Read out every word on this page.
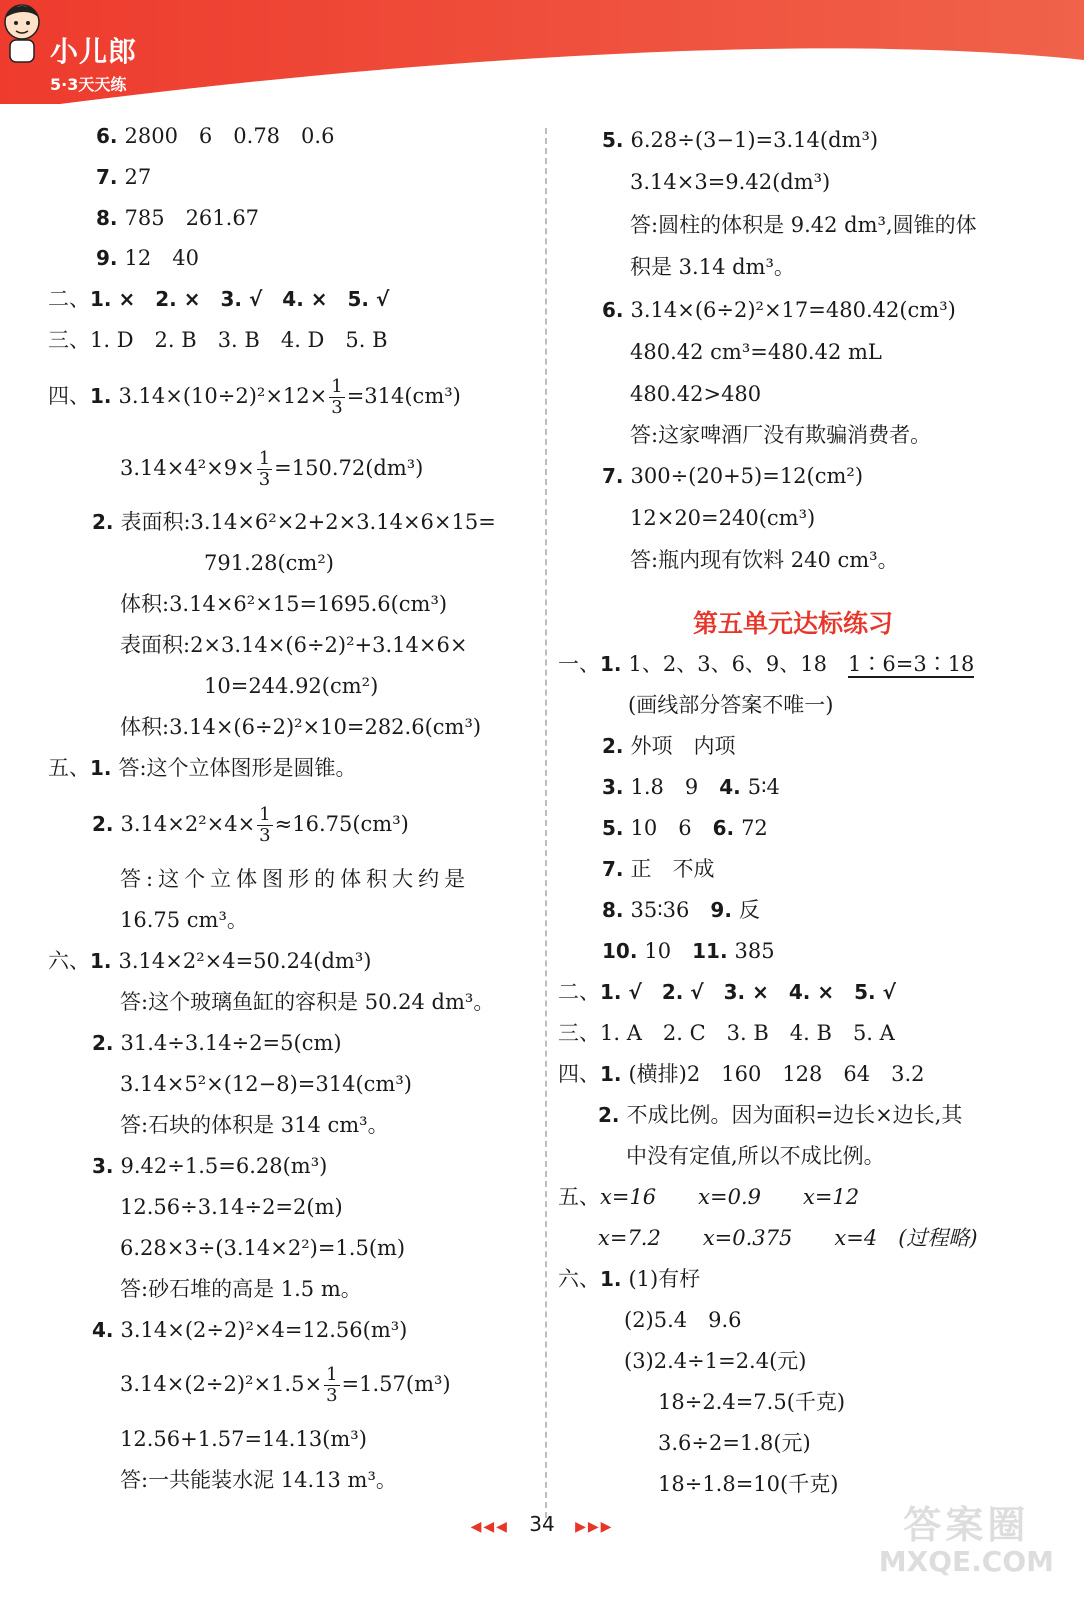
小儿郎
5·3天天练
6. 2800　6　0.78　0.6
7. 27
8. 785　261.67
9. 12　40
二、1. ×　2. ×　3. √　4. ×　5. √
三、1. D　2. B　3. B　4. D　5. B
四、1. $3.14\times(10\div 2)^2\times 12\times \frac{1}{3} =314(cm^3)$
$3.14\times 4^2\times 9\times \frac{1}{3} =150.72(dm^3)$
2. 表面积:3.14×6²×2+2×3.14×6×15=
791.28(cm²)
体积:3.14×6²×15=1695.6(cm³)
表面积:2×3.14×(6÷2)²+3.14×6×
10=244.92(cm²)
体积:3.14×(6÷2)²×10=282.6(cm³)
五、1. 答:这个立体图形是圆锥。
2. $3.14\times 2^2\times 4\times \frac{1}{3} \approx 16.75(cm^3)$
答:这个立体图形的体积大约是
16.75 cm³。
六、1. 3.14×2²×4=50.24(dm³)
答:这个玻璃鱼缸的容积是 50.24 dm³。
2. 31.4÷3.14÷2=5(cm)
3.14×5²×(12−8)=314(cm³)
答:石块的体积是 314 cm³。
3. 9.42÷1.5=6.28(m³)
12.56÷3.14÷2=2(m)
6.28×3÷(3.14×2²)=1.5(m)
答:砂石堆的高是 1.5 m。
4. 3.14×(2÷2)²×4=12.56(m³)
$3.14\times(2\div 2)^2\times 1.5\times \frac{1}{3} =1.57(m^3)$
12.56+1.57=14.13(m³)
答:一共能装水泥 14.13 m³。
5. 6.28÷(3−1)=3.14(dm³)
3.14×3=9.42(dm³)
答:圆柱的体积是 9.42 dm³,圆锥的体
积是 3.14 dm³。
6. 3.14×(6÷2)²×17=480.42(cm³)
480.42 cm³=480.42 mL
480.42>480
答:这家啤酒厂没有欺骗消费者。
7. 300÷(20+5)=12(cm²)
12×20=240(cm³)
答:瓶内现有饮料 240 cm³。
第五单元达标练习
一、1. 1、2、3、6、9、18　1∶6=3∶18
(画线部分答案不唯一)
2. 外项　内项
3. 1.8　9　4. 5∶4
5. 10　6　6. 72
7. 正　不成
8. 35∶36　9. 反
10. 10　11. 385
二、1. √　2. √　3. ×　4. ×　5. √
三、1. A　2. C　3. B　4. B　5. A
四、1. (横排)2　160　128　64　3.2
2. 不成比例。因为面积=边长×边长,其
中没有定值,所以不成比例。
五、x=16　　x=0.9　　x=12
x=7.2　　x=0.375　　x=4　(过程略)
六、1. (1)有杍
(2)5.4　9.6
(3)2.4÷1=2.4(元)
18÷2.4=7.5(千克)
3.6÷2=1.8(元)
18÷1.8=10(千克)
◀◀◀ 34 ▶▶▶	答案圈
MXQE.COM
